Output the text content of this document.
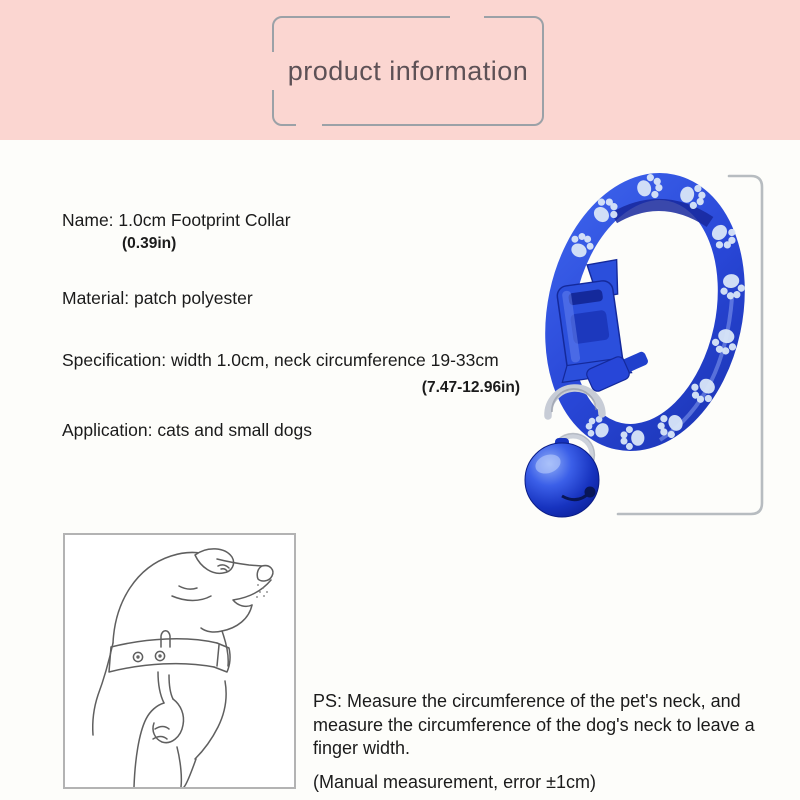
product information

Name: 1.0cm Footprint Collar

(0.39in)

Material: patch polyester

Specification: width 1.0cm, neck circumference 19-33cm

(7.47-12.96in)

Application: cats and small dogs

PS: Measure the circumference of the pet's neck, and measure the circumference of the dog's neck to leave a finger width.

(Manual measurement, error ±1cm)
